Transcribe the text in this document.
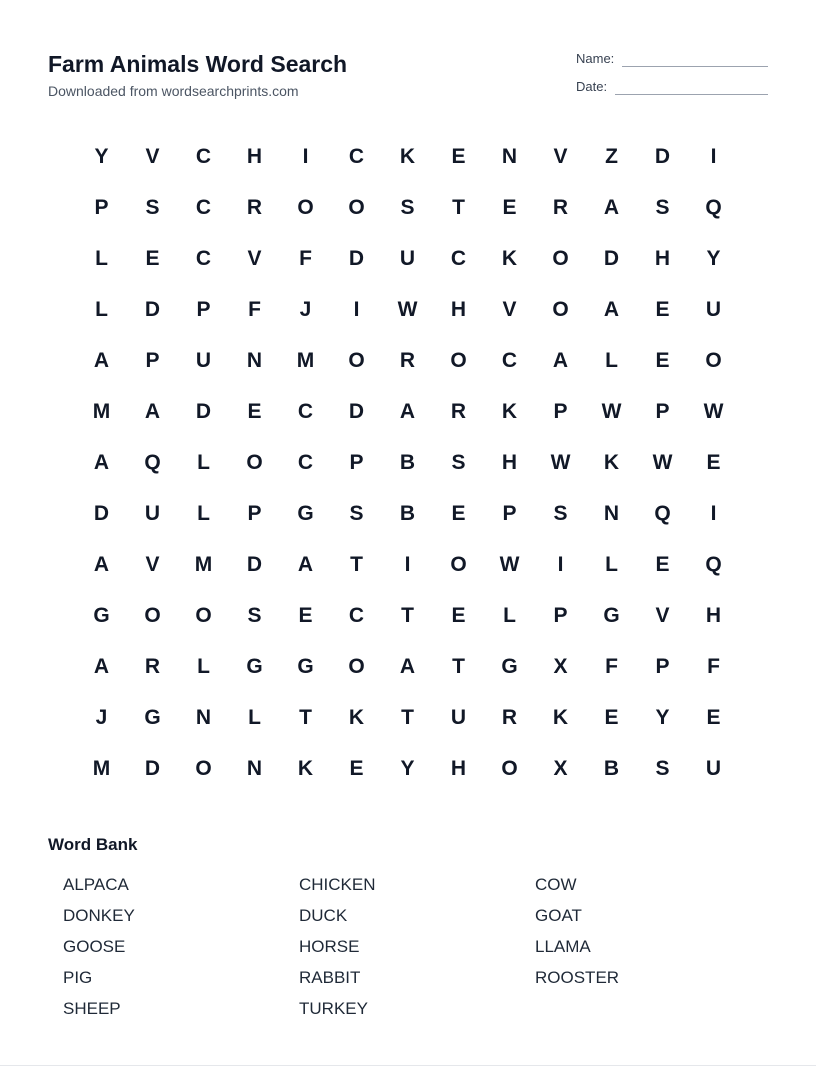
Farm Animals Word Search
Downloaded from wordsearchprints.com
Name:
Date:
Y	V	C	H	I	C	K	E	N	V	Z	D	I
P	S	C	R	O	O	S	T	E	R	A	S	Q
L	E	C	V	F	D	U	C	K	O	D	H	Y
L	D	P	F	J	I	W	H	V	O	A	E	U
A	P	U	N	M	O	R	O	C	A	L	E	O
M	A	D	E	C	D	A	R	K	P	W	P	W
A	Q	L	O	C	P	B	S	H	W	K	W	E
D	U	L	P	G	S	B	E	P	S	N	Q	I
A	V	M	D	A	T	I	O	W	I	L	E	Q
G	O	O	S	E	C	T	E	L	P	G	V	H
A	R	L	G	G	O	A	T	G	X	F	P	F
J	G	N	L	T	K	T	U	R	K	E	Y	E
M	D	O	N	K	E	Y	H	O	X	B	S	U
Word Bank
ALPACA	CHICKEN	COW
DONKEY	DUCK	GOAT
GOOSE	HORSE	LLAMA
PIG	RABBIT	ROOSTER
SHEEP	TURKEY
